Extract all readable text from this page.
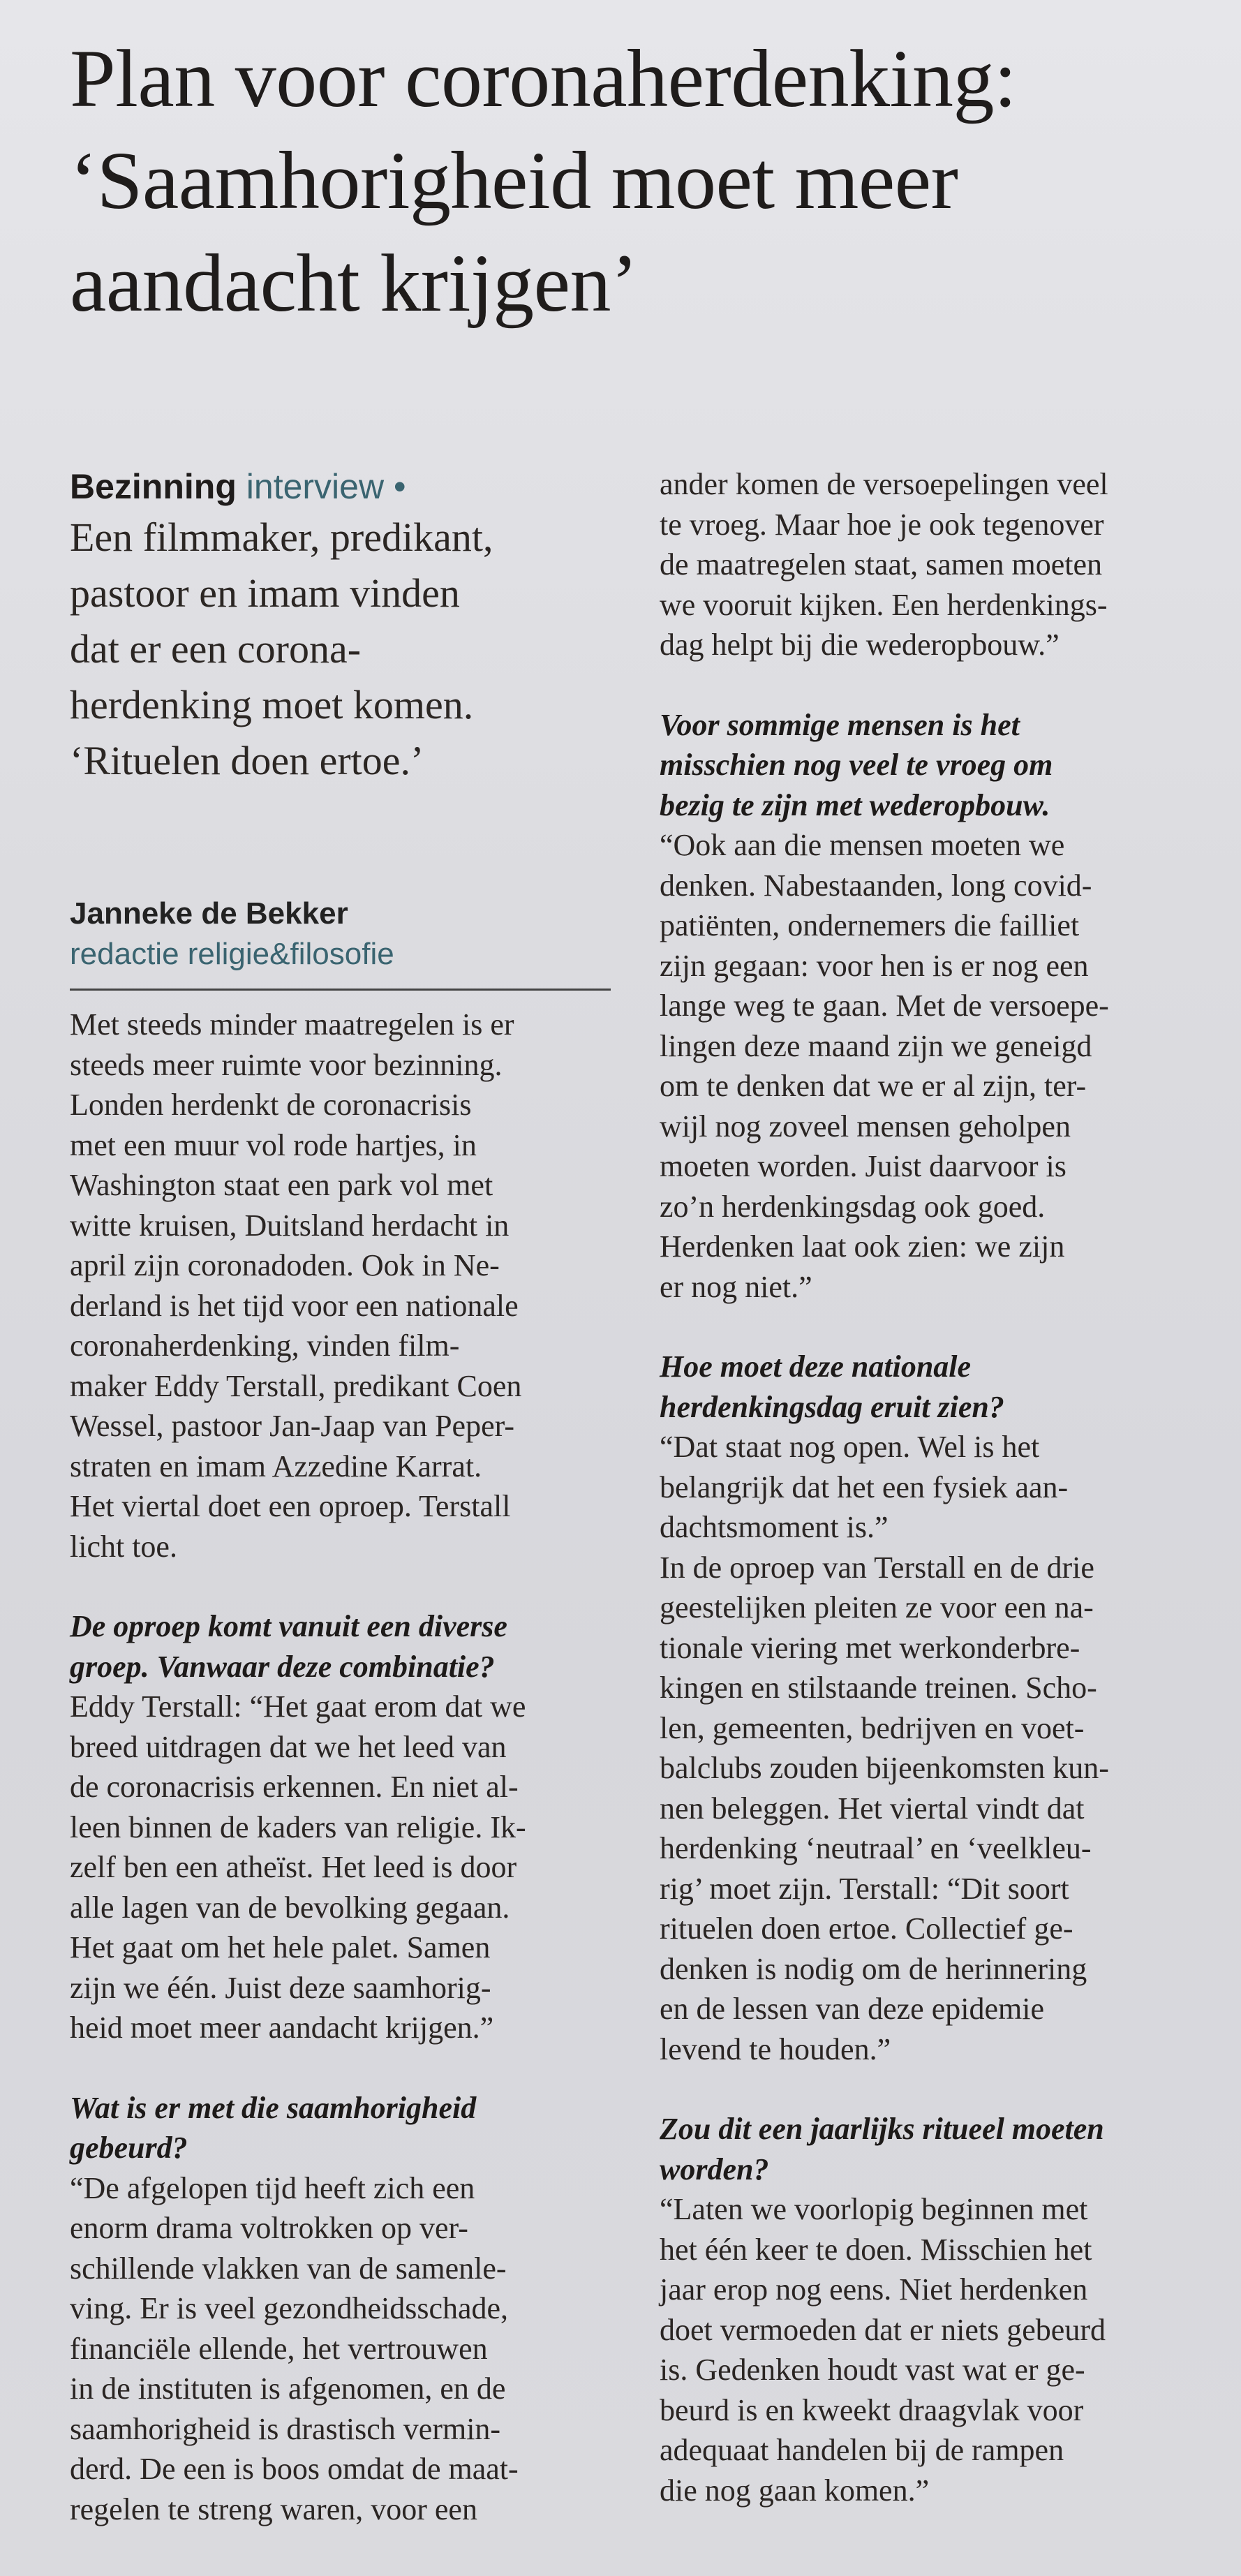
Plan voor coronaherdenking:
‘Saamhorigheid moet meer
aandacht krijgen’

Bezinning interview •

Een filmmaker, predikant,
pastoor en imam vinden
dat er een corona-
herdenking moet komen.
‘Rituelen doen ertoe.’

Janneke de Bekker
redactie religie&filosofie

Met steeds minder maatregelen is er
steeds meer ruimte voor bezinning.
Londen herdenkt de coronacrisis
met een muur vol rode hartjes, in
Washington staat een park vol met
witte kruisen, Duitsland herdacht in
april zijn coronadoden. Ook in Ne-
derland is het tijd voor een nationale
coronaherdenking, vinden film-
maker Eddy Terstall, predikant Coen
Wessel, pastoor Jan-Jaap van Peper-
straten en imam Azzedine Karrat.
Het viertal doet een oproep. Terstall
licht toe.

De oproep komt vanuit een diverse
groep. Vanwaar deze combinatie?

Eddy Terstall: “Het gaat erom dat we
breed uitdragen dat we het leed van
de coronacrisis erkennen. En niet al-
leen binnen de kaders van religie. Ik-
zelf ben een atheïst. Het leed is door
alle lagen van de bevolking gegaan.
Het gaat om het hele palet. Samen
zijn we één. Juist deze saamhorig-
heid moet meer aandacht krijgen.”

Wat is er met die saamhorigheid
gebeurd?

“De afgelopen tijd heeft zich een
enorm drama voltrokken op ver-
schillende vlakken van de samenle-
ving. Er is veel gezondheidsschade,
financiële ellende, het vertrouwen
in de instituten is afgenomen, en de
saamhorigheid is drastisch vermin-
derd. De een is boos omdat de maat-
regelen te streng waren, voor een

ander komen de versoepelingen veel
te vroeg. Maar hoe je ook tegenover
de maatregelen staat, samen moeten
we vooruit kijken. Een herdenkings-
dag helpt bij die wederopbouw.”

Voor sommige mensen is het
misschien nog veel te vroeg om
bezig te zijn met wederopbouw.

“Ook aan die mensen moeten we
denken. Nabestaanden, long covid-
patiënten, ondernemers die failliet
zijn gegaan: voor hen is er nog een
lange weg te gaan. Met de versoepe-
lingen deze maand zijn we geneigd
om te denken dat we er al zijn, ter-
wijl nog zoveel mensen geholpen
moeten worden. Juist daarvoor is
zo’n herdenkingsdag ook goed.
Herdenken laat ook zien: we zijn
er nog niet.”

Hoe moet deze nationale
herdenkingsdag eruit zien?

“Dat staat nog open. Wel is het
belangrijk dat het een fysiek aan-
dachtsmoment is.”
In de oproep van Terstall en de drie
geestelijken pleiten ze voor een na-
tionale viering met werkonderbre-
kingen en stilstaande treinen. Scho-
len, gemeenten, bedrijven en voet-
balclubs zouden bijeenkomsten kun-
nen beleggen. Het viertal vindt dat
herdenking ‘neutraal’ en ‘veelkleu-
rig’ moet zijn. Terstall: “Dit soort
rituelen doen ertoe. Collectief ge-
denken is nodig om de herinnering
en de lessen van deze epidemie
levend te houden.”

Zou dit een jaarlijks ritueel moeten
worden?

“Laten we voorlopig beginnen met
het één keer te doen. Misschien het
jaar erop nog eens. Niet herdenken
doet vermoeden dat er niets gebeurd
is. Gedenken houdt vast wat er ge-
beurd is en kweekt draagvlak voor
adequaat handelen bij de rampen
die nog gaan komen.”
